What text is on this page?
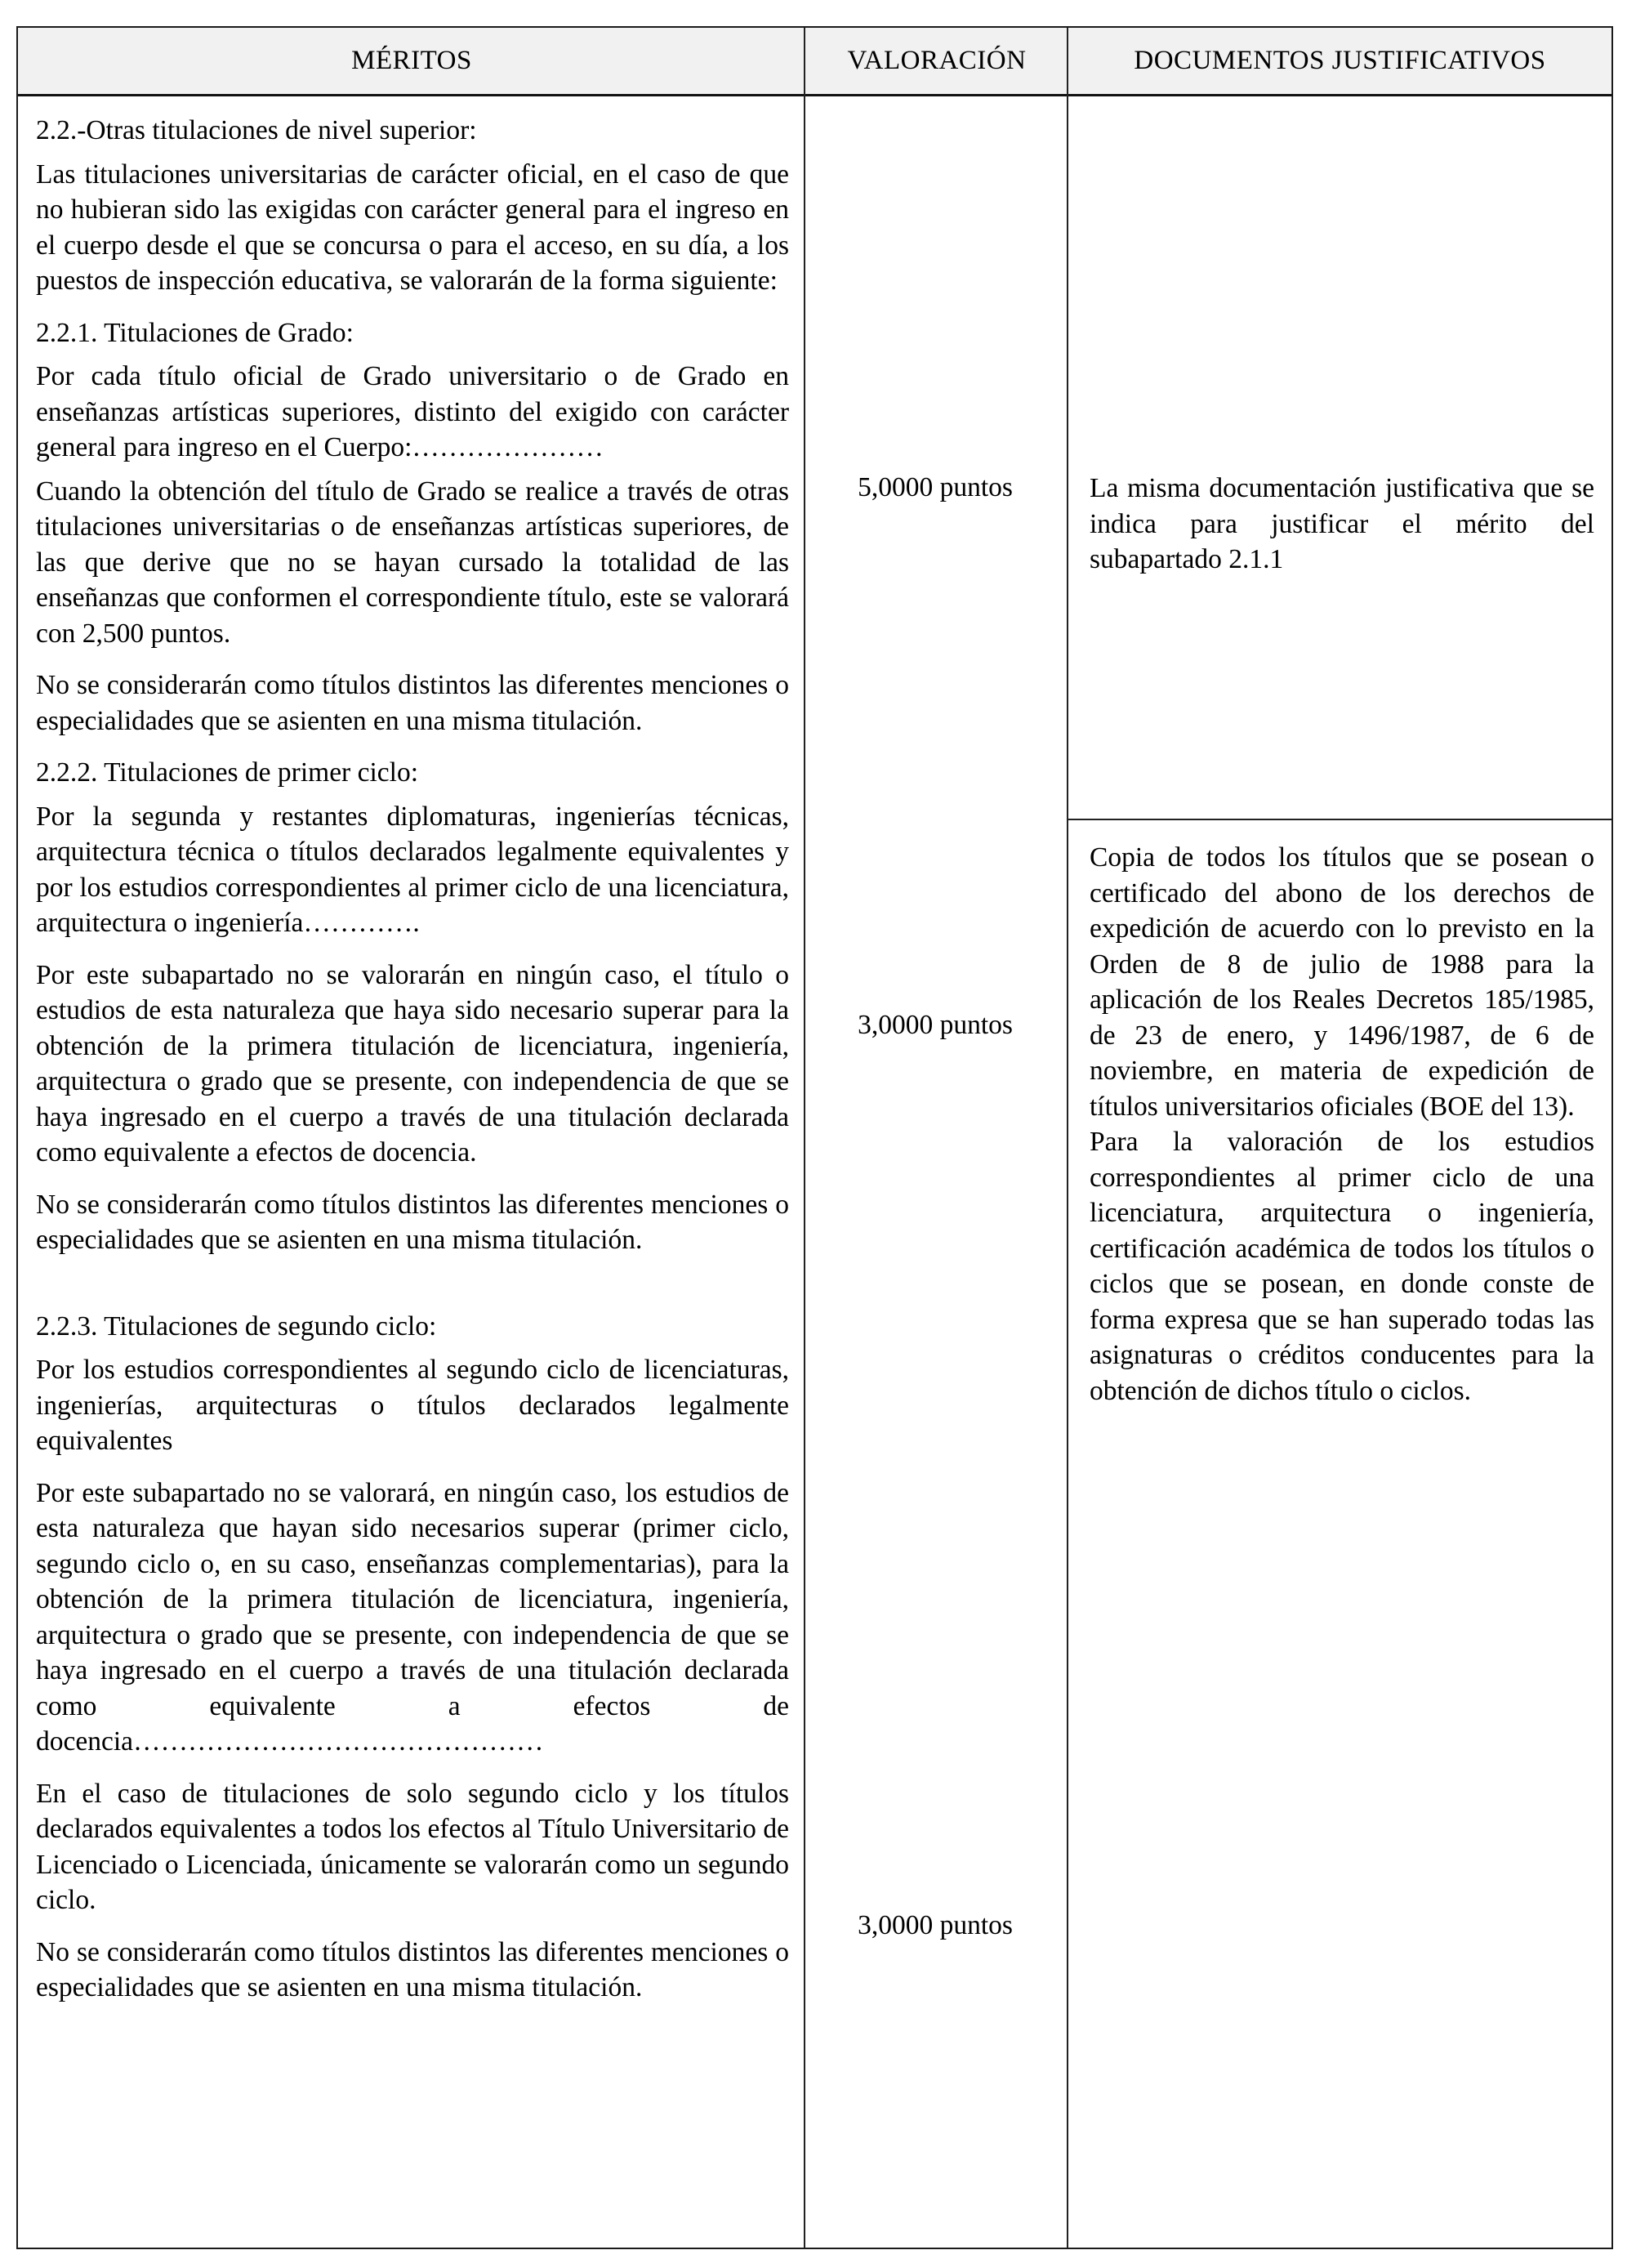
MÉRITOS	VALORACIÓN	DOCUMENTOS JUSTIFICATIVOS

2.2.-Otras titulaciones de nivel superior:

Las titulaciones universitarias de carácter oficial, en el caso de que no hubieran sido las exigidas con carácter general para el ingreso en el cuerpo desde el que se concursa o para el acceso, en su día, a los puestos de inspección educativa, se valorarán de la forma siguiente:

2.2.1. Titulaciones de Grado:

Por cada título oficial de Grado universitario o de Grado en enseñanzas artísticas superiores, distinto del exigido con carácter general para ingreso en el Cuerpo:…………………

Cuando la obtención del título de Grado se realice a través de otras titulaciones universitarias o de enseñanzas artísticas superiores, de las que derive que no se hayan cursado la totalidad de las enseñanzas que conformen el correspondiente título, este se valorará con 2,500 puntos.

No se considerarán como títulos distintos las diferentes menciones o especialidades que se asienten en una misma titulación.

2.2.2. Titulaciones de primer ciclo:

Por la segunda y restantes diplomaturas, ingenierías técnicas, arquitectura técnica o títulos declarados legalmente equivalentes y por los estudios correspondientes al primer ciclo de una licenciatura, arquitectura o ingeniería………….

Por este subapartado no se valorarán en ningún caso, el título o estudios de esta naturaleza que haya sido necesario superar para la obtención de la primera titulación de licenciatura, ingeniería, arquitectura o grado que se presente, con independencia de que se haya ingresado en el cuerpo a través de una titulación declarada como equivalente a efectos de docencia.

No se considerarán como títulos distintos las diferentes menciones o especialidades que se asienten en una misma titulación.

2.2.3. Titulaciones de segundo ciclo:

Por los estudios correspondientes al segundo ciclo de licenciaturas, ingenierías, arquitecturas o títulos declarados legalmente equivalentes

Por este subapartado no se valorará, en ningún caso, los estudios de esta naturaleza que hayan sido necesarios superar (primer ciclo, segundo ciclo o, en su caso, enseñanzas complementarias), para la obtención de la primera titulación de licenciatura, ingeniería, arquitectura o grado que se presente, con independencia de que se haya ingresado en el cuerpo a través de una titulación declarada como equivalente a efectos de docencia………………………………………

En el caso de titulaciones de solo segundo ciclo y los títulos declarados equivalentes a todos los efectos al Título Universitario de Licenciado o Licenciada, únicamente se valorarán como un segundo ciclo.

No se considerarán como títulos distintos las diferentes menciones o especialidades que se asienten en una misma titulación.

5,0000 puntos
3,0000 puntos
3,0000 puntos

La misma documentación justificativa que se indica para justificar el mérito del subapartado 2.1.1

Copia de todos los títulos que se posean o certificado del abono de los derechos de expedición de acuerdo con lo previsto en la Orden de 8 de julio de 1988 para la aplicación de los Reales Decretos 185/1985, de 23 de enero, y 1496/1987, de 6 de noviembre, en materia de expedición de títulos universitarios oficiales (BOE del 13).

Para la valoración de los estudios correspondientes al primer ciclo de una licenciatura, arquitectura o ingeniería, certificación académica de todos los títulos o ciclos que se posean, en donde conste de forma expresa que se han superado todas las asignaturas o créditos conducentes para la obtención de dichos título o ciclos.
